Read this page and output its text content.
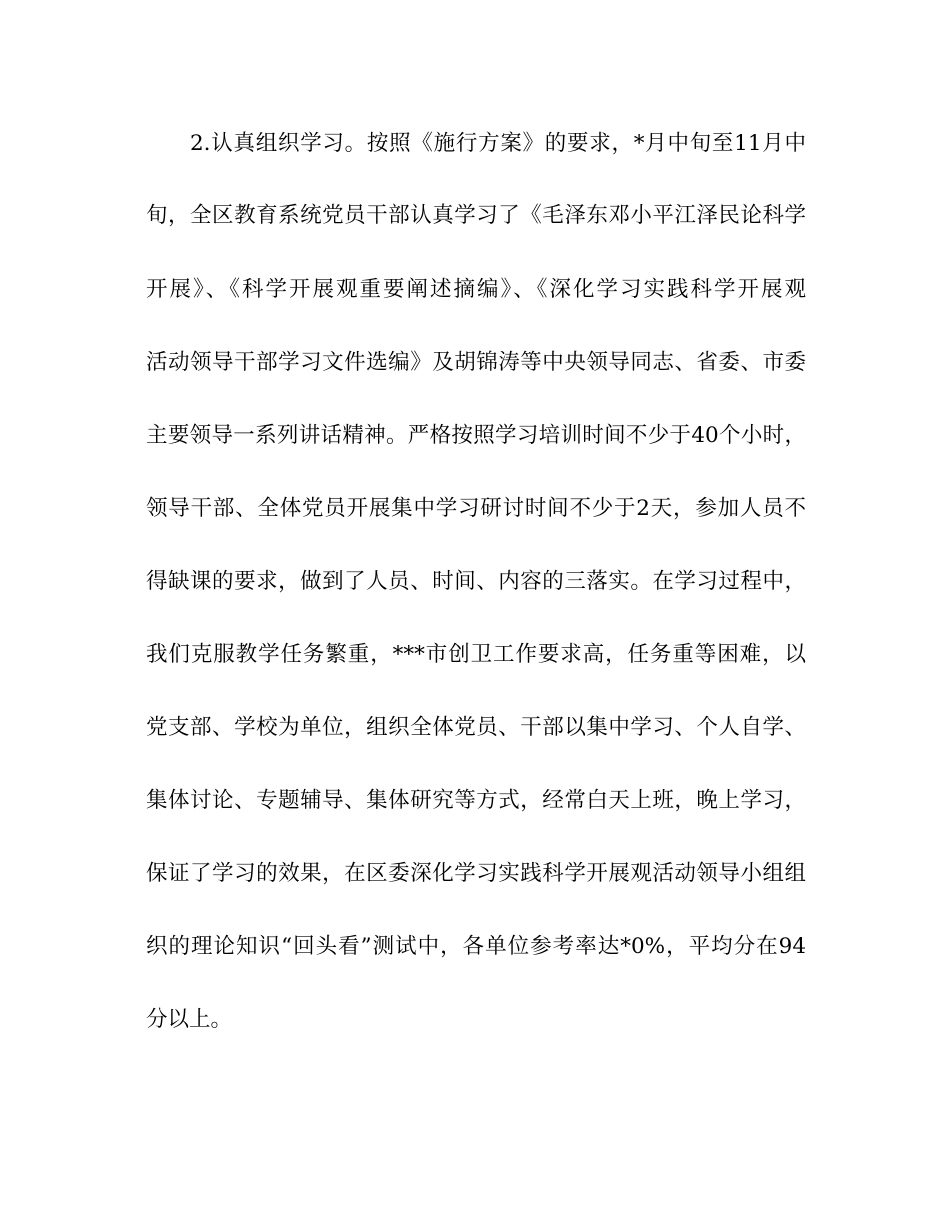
2.认真组织学习。按照《施行方案》的要求，*月中旬至11月中
旬，全区教育系统党员干部认真学习了《毛泽东邓小平江泽民论科学
开展》、《科学开展观重要阐述摘编》、《深化学习实践科学开展观
活动领导干部学习文件选编》及胡锦涛等中央领导同志、省委、市委
主要领导一系列讲话精神。严格按照学习培训时间不少于40个小时，
领导干部、全体党员开展集中学习研讨时间不少于2天，参加人员不
得缺课的要求，做到了人员、时间、内容的三落实。在学习过程中，
我们克服教学任务繁重，***市创卫工作要求高，任务重等困难，以
党支部、学校为单位，组织全体党员、干部以集中学习、个人自学、
集体讨论、专题辅导、集体研究等方式，经常白天上班，晚上学习，
保证了学习的效果，在区委深化学习实践科学开展观活动领导小组组
织的理论知识“回头看”测试中，各单位参考率达*0%，平均分在94
分以上。
